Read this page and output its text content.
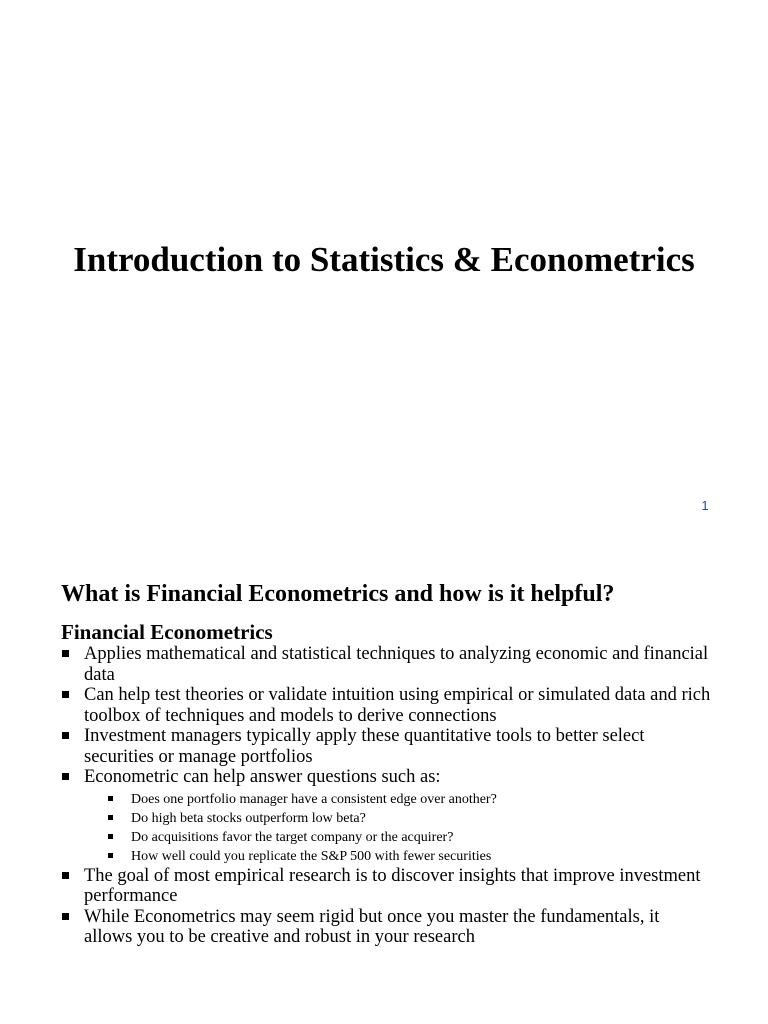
Introduction to Statistics & Econometrics
1
What is Financial Econometrics and how is it helpful?
Financial Econometrics
Applies mathematical and statistical techniques to analyzing economic and financial data
Can help test theories or validate intuition using empirical or simulated data and rich toolbox of techniques and models to derive connections
Investment managers typically apply these quantitative tools to better select securities or manage portfolios
Econometric can help answer questions such as:
Does one portfolio manager have a consistent edge over another?
Do high beta stocks outperform low beta?
Do acquisitions favor the target company or the acquirer?
How well could you replicate the S&P 500 with fewer securities
The goal of most empirical research is to discover insights that improve investment performance
While Econometrics may seem rigid but once you master the fundamentals, it allows you to be creative and robust in your research
